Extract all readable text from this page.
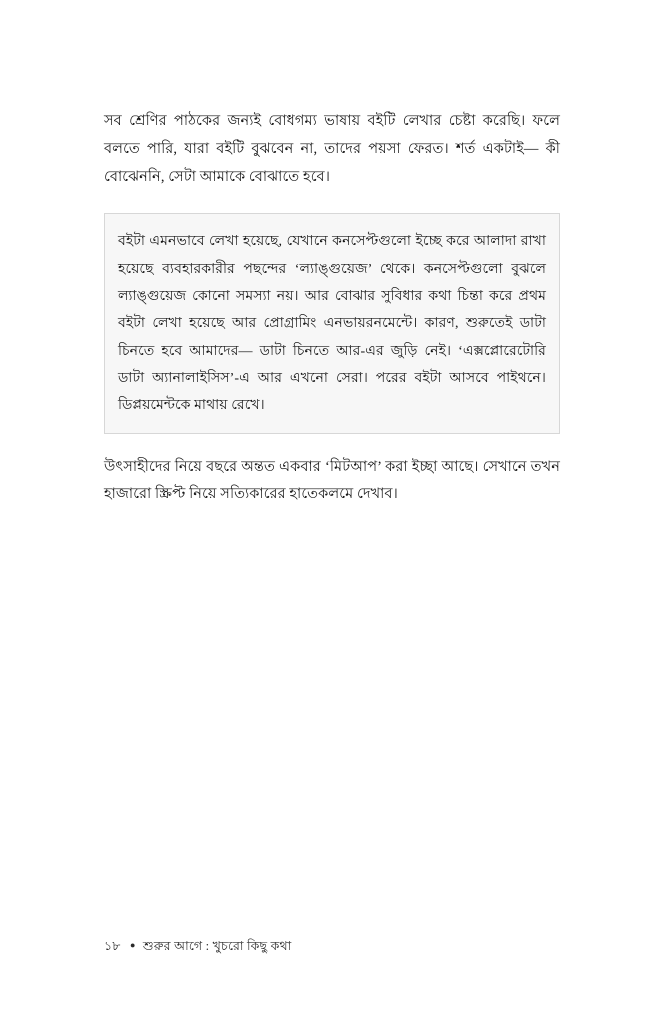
সব শ্রেণির পাঠকের জন্যই বোধগম্য ভাষায় বইটি লেখার চেষ্টা করেছি। ফলে বলতে পারি, যারা বইটি বুঝবেন না, তাদের পয়সা ফেরত। শর্ত একটাই— কী বোঝেননি, সেটা আমাকে বোঝাতে হবে।

বইটা এমনভাবে লেখা হয়েছে, যেখানে কনসেপ্টগুলো ইচ্ছে করে আলাদা রাখা হয়েছে ব্যবহারকারীর পছন্দের ‘ল্যাঙ্গুয়েজ’ থেকে। কনসেপ্টগুলো বুঝলে ল্যাঙ্গুয়েজ কোনো সমস্যা নয়। আর বোঝার সুবিধার কথা চিন্তা করে প্রথম বইটা লেখা হয়েছে আর প্রোগ্রামিং এনভায়রনমেন্টে। কারণ, শুরুতেই ডাটা চিনতে হবে আমাদের— ডাটা চিনতে আর-এর জুড়ি নেই। ‘এক্সপ্লোরেটোরি ডাটা অ্যানালাইসিস’-এ আর এখনো সেরা। পরের বইটা আসবে পাইথনে। ডিপ্লয়মেন্টকে মাথায় রেখে।

উৎসাহীদের নিয়ে বছরে অন্তত একবার ‘মিটআপ’ করা ইচ্ছা আছে। সেখানে তখন হাজারো স্ক্রিপ্ট নিয়ে সত্যিকারের হাতেকলমে দেখাব।

১৮ ● শুরুর আগে : খুচরো কিছু কথা
